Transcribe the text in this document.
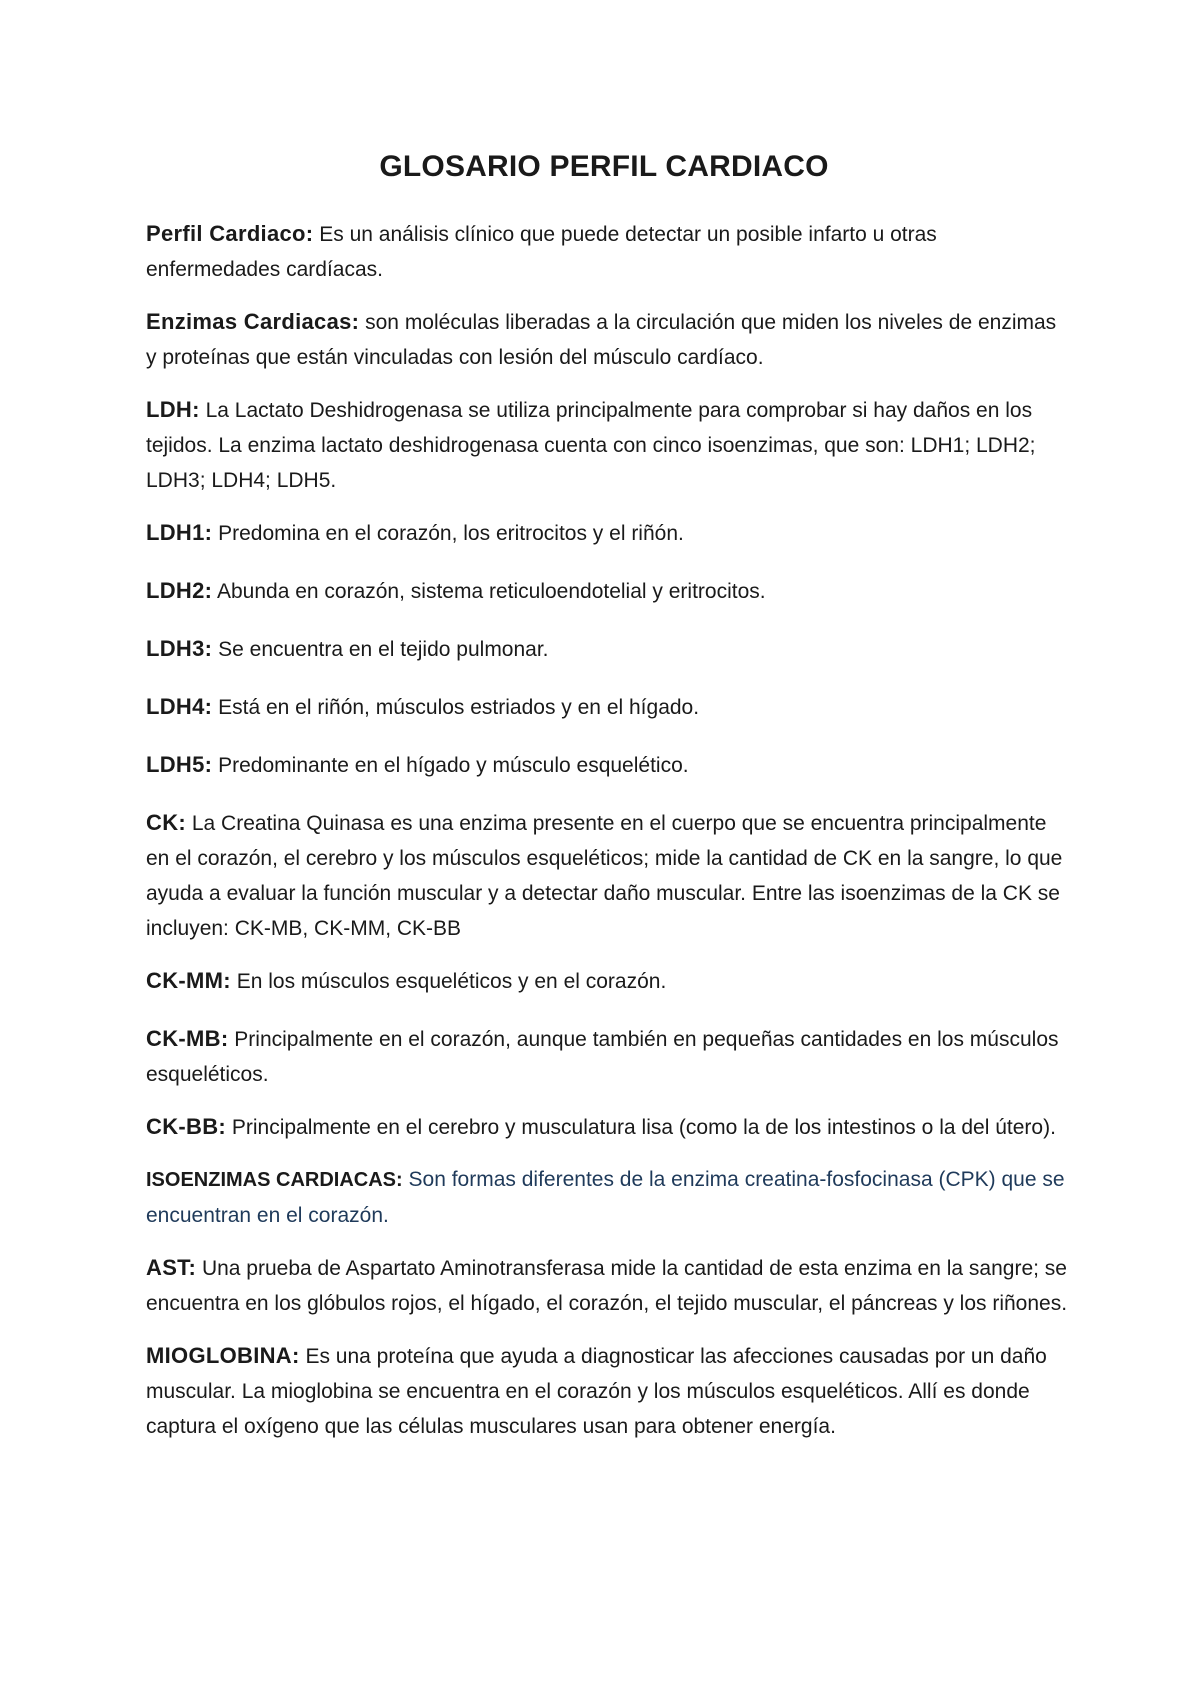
GLOSARIO PERFIL CARDIACO

Perfil Cardiaco: Es un análisis clínico que puede detectar un posible infarto u otras enfermedades cardíacas.

Enzimas Cardiacas: son moléculas liberadas a la circulación que miden los niveles de enzimas y proteínas que están vinculadas con lesión del músculo cardíaco.

LDH: La Lactato Deshidrogenasa se utiliza principalmente para comprobar si hay daños en los tejidos. La enzima lactato deshidrogenasa cuenta con cinco isoenzimas, que son: LDH1; LDH2; LDH3; LDH4; LDH5.

LDH1: Predomina en el corazón, los eritrocitos y el riñón.

LDH2: Abunda en corazón, sistema reticuloendotelial y eritrocitos.

LDH3: Se encuentra en el tejido pulmonar.

LDH4: Está en el riñón, músculos estriados y en el hígado.

LDH5: Predominante en el hígado y músculo esquelético.

CK: La Creatina Quinasa es una enzima presente en el cuerpo que se encuentra principalmente en el corazón, el cerebro y los músculos esqueléticos; mide la cantidad de CK en la sangre, lo que ayuda a evaluar la función muscular y a detectar daño muscular. Entre las isoenzimas de la CK se incluyen: CK-MB, CK-MM, CK-BB

CK-MM: En los músculos esqueléticos y en el corazón.

CK-MB: Principalmente en el corazón, aunque también en pequeñas cantidades en los músculos esqueléticos.

CK-BB: Principalmente en el cerebro y musculatura lisa (como la de los intestinos o la del útero).

ISOENZIMAS CARDIACAS: Son formas diferentes de la enzima creatina-fosfocinasa (CPK) que se encuentran en el corazón.

AST: Una prueba de Aspartato Aminotransferasa mide la cantidad de esta enzima en la sangre; se encuentra en los glóbulos rojos, el hígado, el corazón, el tejido muscular, el páncreas y los riñones.

MIOGLOBINA: Es una proteína que ayuda a diagnosticar las afecciones causadas por un daño muscular. La mioglobina se encuentra en el corazón y los músculos esqueléticos. Allí es donde captura el oxígeno que las células musculares usan para obtener energía.
